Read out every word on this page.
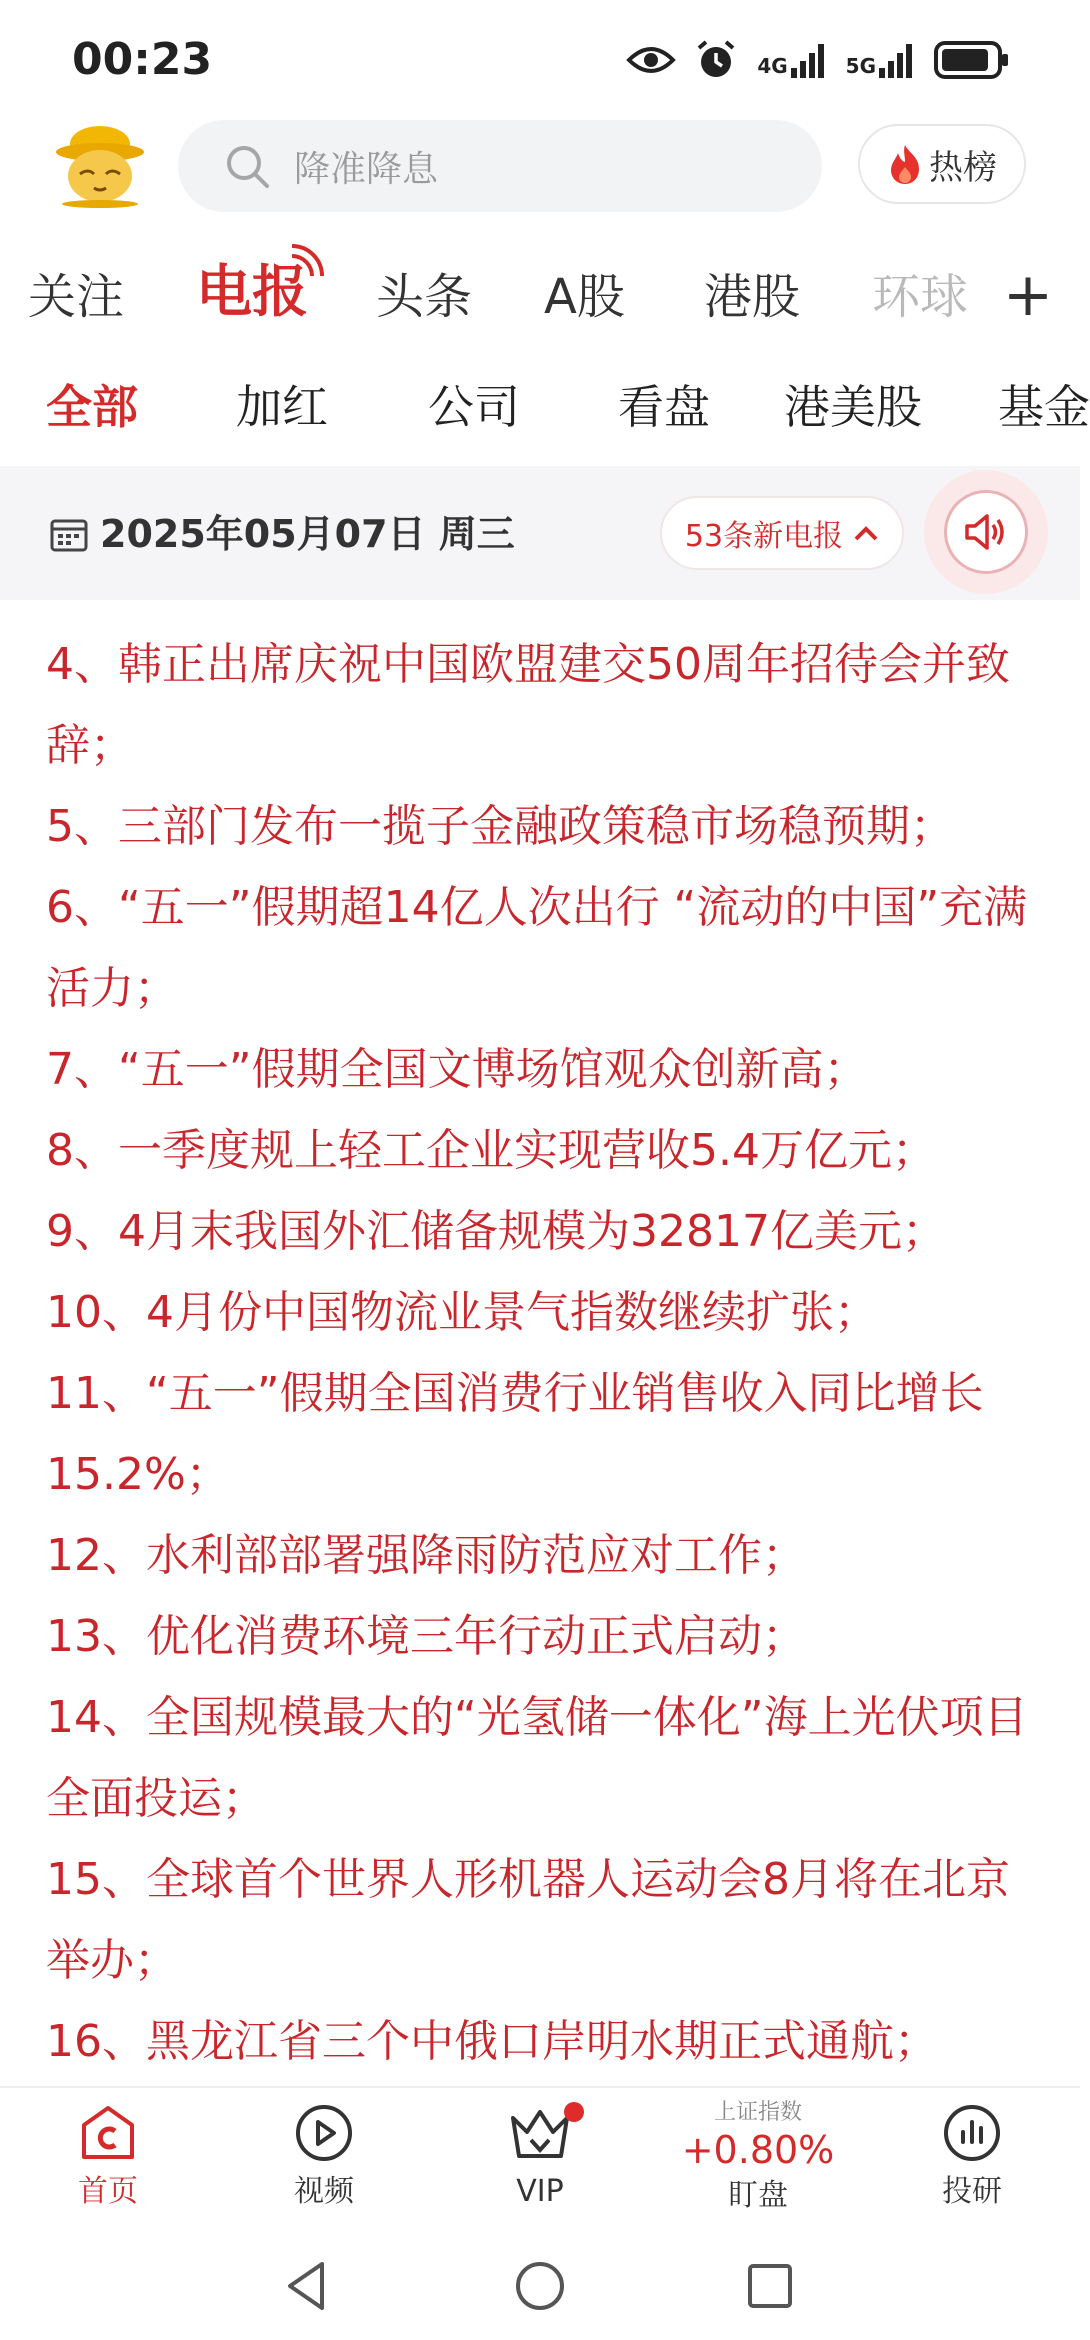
00:23	4G	5G
降准降息	热榜
关注 电报 头条 A股 港股 环球 +
全部 加红 公司 看盘 港美股 基金
2025年05月07日 周三	53条新电报

4、韩正出席庆祝中国欧盟建交50周年招待会并致辞；

5、三部门发布一揽子金融政策稳市场稳预期；

6、“五一”假期超14亿人次出行 “流动的中国”充满活力；

7、“五一”假期全国文博场馆观众创新高；

8、一季度规上轻工企业实现营收5.4万亿元；

9、4月末我国外汇储备规模为32817亿美元；

10、4月份中国物流业景气指数继续扩张；

11、“五一”假期全国消费行业销售收入同比增长15.2%；

12、水利部部署强降雨防范应对工作；

13、优化消费环境三年行动正式启动；

14、全国规模最大的“光氢储一体化”海上光伏项目全面投运；

15、全球首个世界人形机器人运动会8月将在北京举办；

16、黑龙江省三个中俄口岸明水期正式通航；

首页	视频	VIP
上证指数
+0.80%
盯盘	投研
